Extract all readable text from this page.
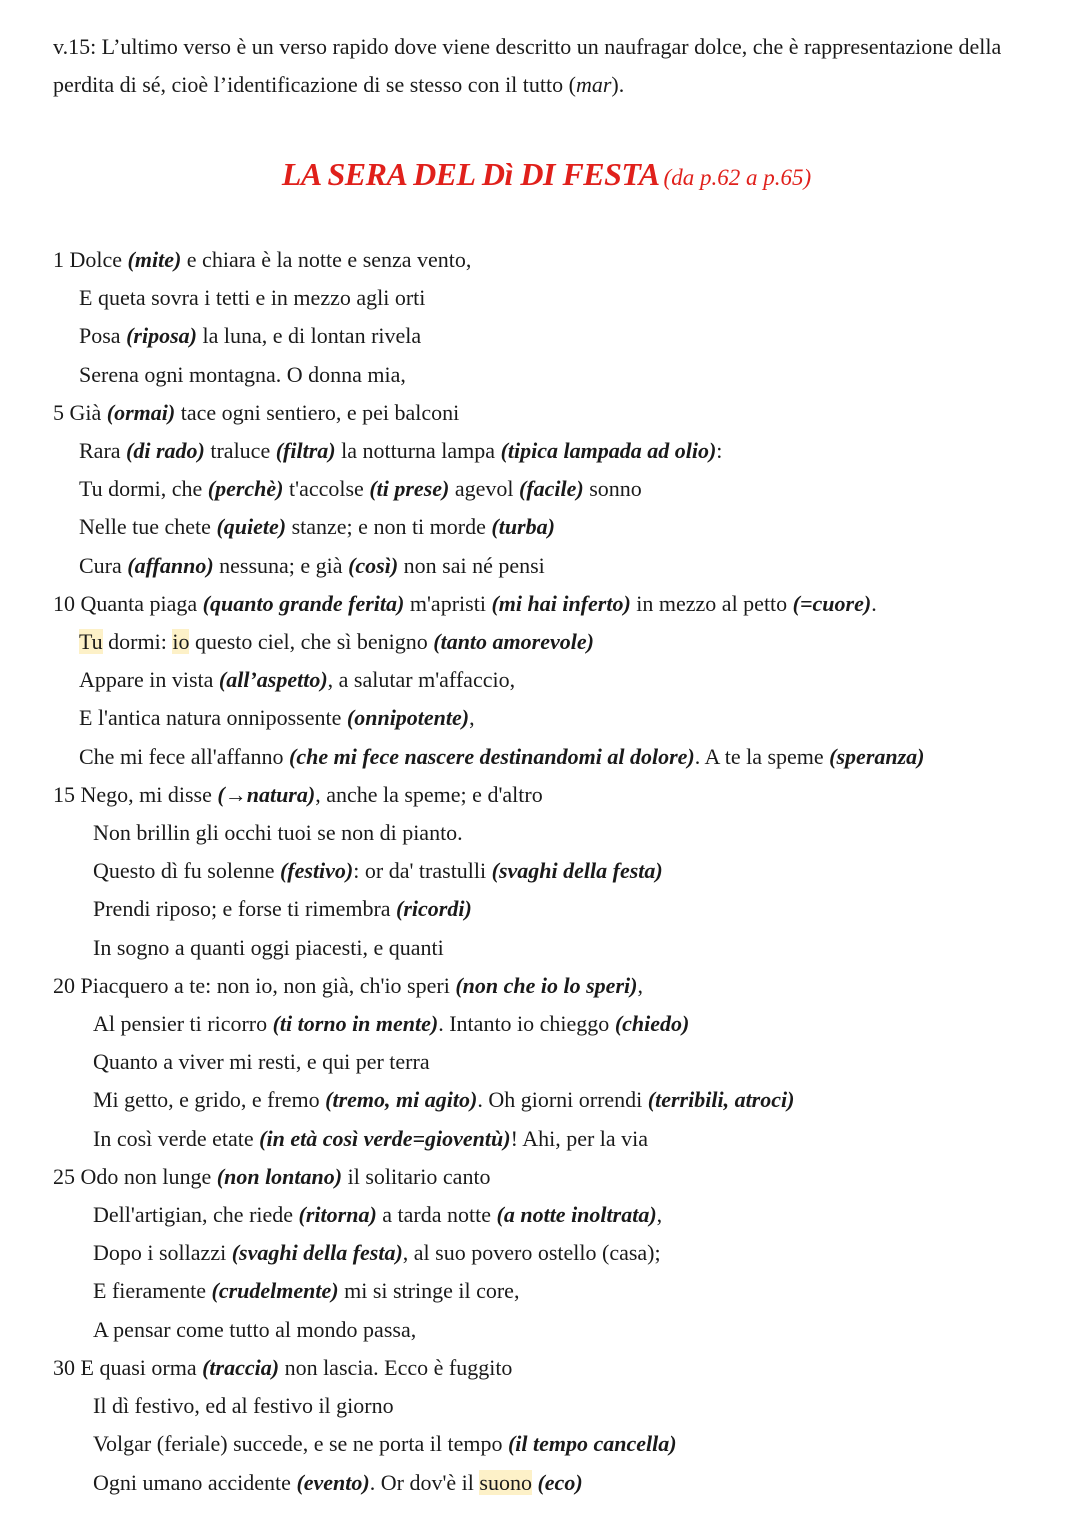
v.15: L’ultimo verso è un verso rapido dove viene descritto un naufragar dolce, che è rappresentazione della perdita di sé, cioè l’identificazione di se stesso con il tutto (mar).

LA SERA DEL Dì DI FESTA (da p.62 a p.65)
1 Dolce (mite) e chiara è la notte e senza vento,
E queta sovra i tetti e in mezzo agli orti
Posa (riposa) la luna, e di lontan rivela
Serena ogni montagna. O donna mia,
5 Già (ormai) tace ogni sentiero, e pei balconi
Rara (di rado) traluce (filtra) la notturna lampa (tipica lampada ad olio):
Tu dormi, che (perchè) t'accolse (ti prese) agevol (facile) sonno
Nelle tue chete (quiete) stanze; e non ti morde (turba)
Cura (affanno) nessuna; e già (così) non sai né pensi
10 Quanta piaga (quanto grande ferita) m'apristi (mi hai inferto) in mezzo al petto (=cuore).
Tu dormi: io questo ciel, che sì benigno (tanto amorevole)
Appare in vista (all’aspetto), a salutar m'affaccio,
E l'antica natura onnipossente (onnipotente),
Che mi fece all'affanno (che mi fece nascere destinandomi al dolore). A te la speme (speranza)
15 Nego, mi disse (→natura), anche la speme; e d'altro
Non brillin gli occhi tuoi se non di pianto.
Questo dì fu solenne (festivo): or da' trastulli (svaghi della festa)
Prendi riposo; e forse ti rimembra (ricordi)
In sogno a quanti oggi piacesti, e quanti
20 Piacquero a te: non io, non già, ch'io speri (non che io lo speri),
Al pensier ti ricorro (ti torno in mente). Intanto io chieggo (chiedo)
Quanto a viver mi resti, e qui per terra
Mi getto, e grido, e fremo (tremo, mi agito). Oh giorni orrendi (terribili, atroci)
In così verde etate (in età così verde=gioventù)! Ahi, per la via
25 Odo non lunge (non lontano) il solitario canto
Dell'artigian, che riede (ritorna) a tarda notte (a notte inoltrata),
Dopo i sollazzi (svaghi della festa), al suo povero ostello (casa);
E fieramente (crudelmente) mi si stringe il core,
A pensar come tutto al mondo passa,
30 E quasi orma (traccia) non lascia. Ecco è fuggito
Il dì festivo, ed al festivo il giorno
Volgar (feriale) succede, e se ne porta il tempo (il tempo cancella)
Ogni umano accidente (evento). Or dov'è il suono (eco)
